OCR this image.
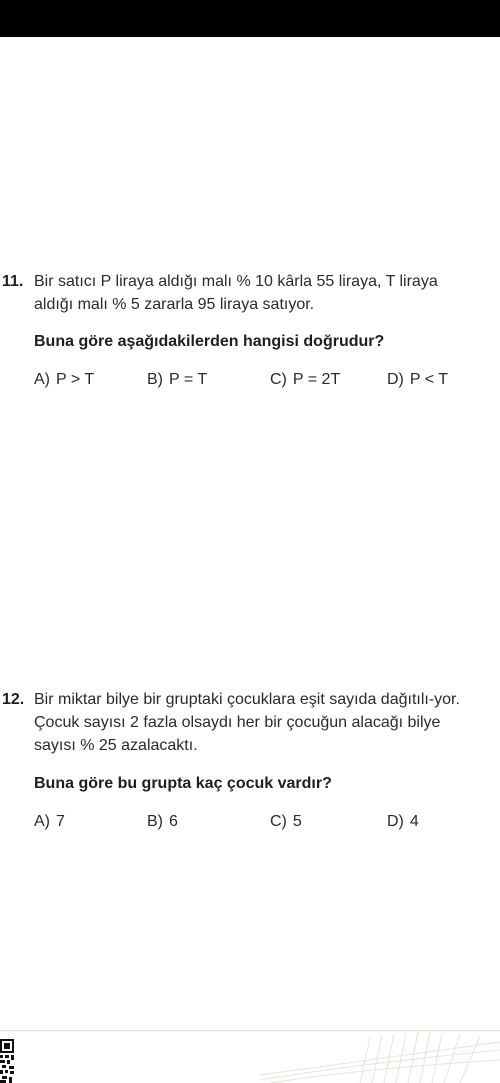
11. Bir satıcı P liraya aldığı malı % 10 kârla 55 liraya, T liraya aldığı malı % 5 zararla 95 liraya satıyor.
Buna göre aşağıdakilerden hangisi doğrudur?
A) P > T	B) P = T	C) P = 2T	D) P < T
12. Bir miktar bilye bir gruptaki çocuklara eşit sayıda dağıtılı-yor. Çocuk sayısı 2 fazla olsaydı her bir çocuğun alacağı bilye sayısı % 25 azalacaktı.
Buna göre bu grupta kaç çocuk vardır?
A) 7	B) 6	C) 5	D) 4
